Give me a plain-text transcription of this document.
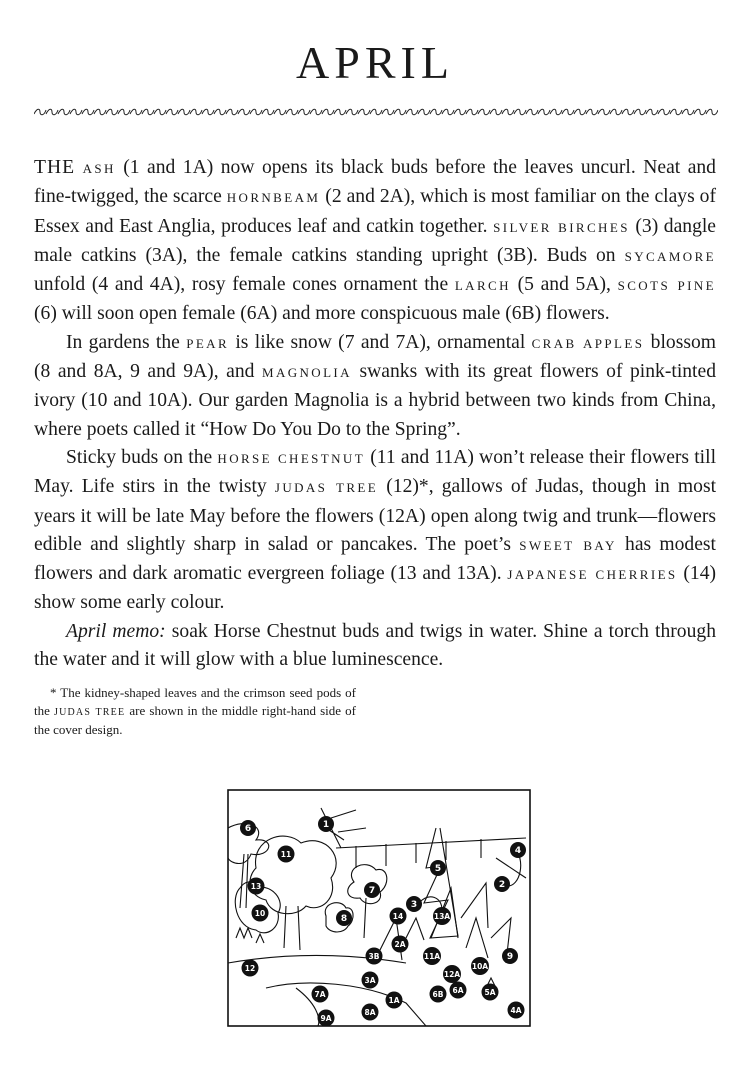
APRIL

THE ASH (1 and 1A) now opens its black buds before the leaves uncurl. Neat and fine-twigged, the scarce HORNBEAM (2 and 2A), which is most familiar on the clays of Essex and East Anglia, produces leaf and catkin together. SILVER BIRCHES (3) dangle male catkins (3A), the female catkins standing upright (3B). Buds on SYCAMORE unfold (4 and 4A), rosy female cones ornament the LARCH (5 and 5A), SCOTS PINE (6) will soon open female (6A) and more conspicuous male (6B) flowers.

In gardens the PEAR is like snow (7 and 7A), ornamental CRAB APPLES blossom (8 and 8A, 9 and 9A), and MAGNOLIA swanks with its great flowers of pink-tinted ivory (10 and 10A). Our garden Magnolia is a hybrid between two kinds from China, where poets called it “How Do You Do to the Spring”.

Sticky buds on the HORSE CHESTNUT (11 and 11A) won’t release their flowers till May. Life stirs in the twisty JUDAS TREE (12)*, gallows of Judas, though in most years it will be late May before the flowers (12A) open along twig and trunk—flowers edible and slightly sharp in salad or pancakes. The poet’s SWEET BAY has modest flowers and dark aromatic evergreen foliage (13 and 13A). JAPANESE CHERRIES (14) show some early colour.

April memo: soak Horse Chestnut buds and twigs in water. Shine a torch through the water and it will glow with a blue luminescence.

* The kidney-shaped leaves and the crimson seed pods of the JUDAS TREE are shown in the middle right-hand side of the cover design.

1
2
3
4
5
6
7
8
9
10
11
12
13
14
1A
2A
3A
3B
4A
5A
6A
6B
7A
8A
9A
10A
11A
12A
13A
